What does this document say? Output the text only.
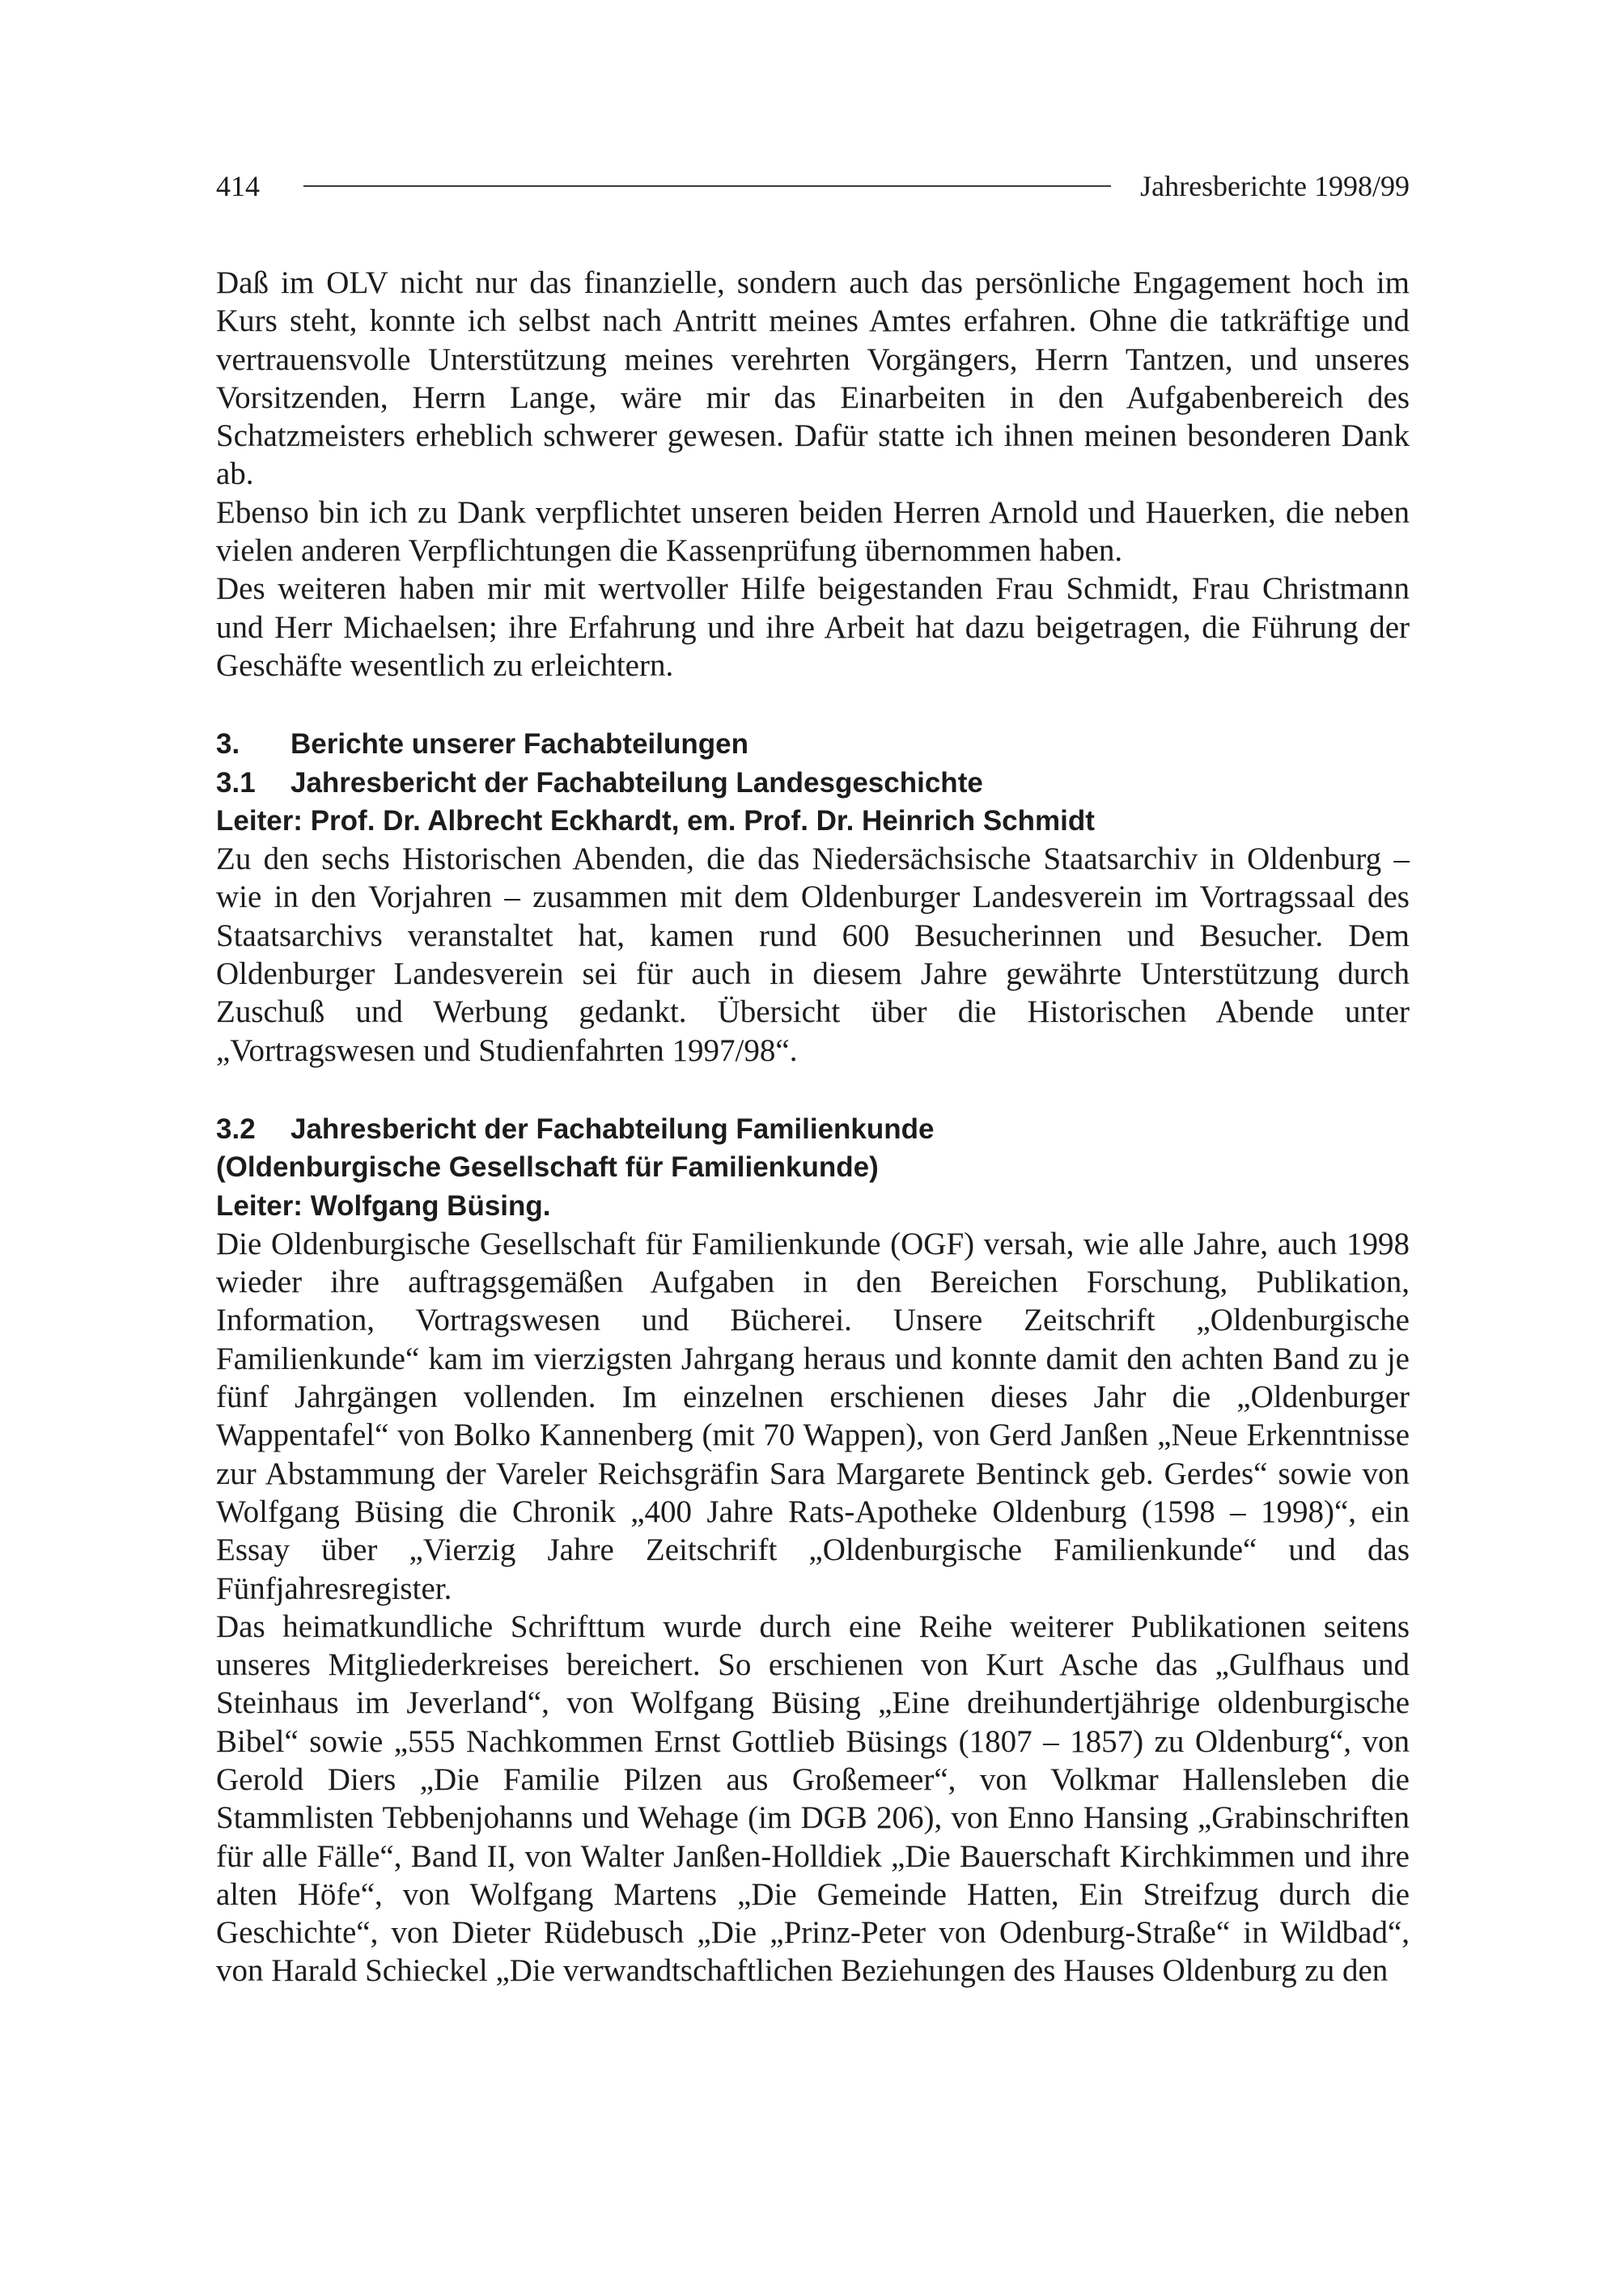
414	Jahresberichte 1998/99

Daß im OLV nicht nur das finanzielle, sondern auch das persönliche Engagement hoch im Kurs steht, konnte ich selbst nach Antritt meines Amtes erfahren. Ohne die tatkräftige und vertrauensvolle Unterstützung meines verehrten Vorgängers, Herrn Tantzen, und unseres Vorsitzenden, Herrn Lange, wäre mir das Einarbeiten in den Aufgabenbereich des Schatzmeisters erheblich schwerer gewesen. Dafür statte ich ihnen meinen besonderen Dank ab.

Ebenso bin ich zu Dank verpflichtet unseren beiden Herren Arnold und Hauerken, die neben vielen anderen Verpflichtungen die Kassenprüfung übernommen haben.

Des weiteren haben mir mit wertvoller Hilfe beigestanden Frau Schmidt, Frau Christmann und Herr Michaelsen; ihre Erfahrung und ihre Arbeit hat dazu beigetragen, die Führung der Geschäfte wesentlich zu erleichtern.

3. Berichte unserer Fachabteilungen

3.1 Jahresbericht der Fachabteilung Landesgeschichte

Leiter: Prof. Dr. Albrecht Eckhardt, em. Prof. Dr. Heinrich Schmidt

Zu den sechs Historischen Abenden, die das Niedersächsische Staatsarchiv in Oldenburg – wie in den Vorjahren – zusammen mit dem Oldenburger Landesverein im Vortragssaal des Staatsarchivs veranstaltet hat, kamen rund 600 Besucherinnen und Besucher. Dem Oldenburger Landesverein sei für auch in diesem Jahre gewährte Unterstützung durch Zuschuß und Werbung gedankt. Übersicht über die Historischen Abende unter „Vortragswesen und Studienfahrten 1997/98“.

3.2 Jahresbericht der Fachabteilung Familienkunde

(Oldenburgische Gesellschaft für Familienkunde)

Leiter: Wolfgang Büsing.

Die Oldenburgische Gesellschaft für Familienkunde (OGF) versah, wie alle Jahre, auch 1998 wieder ihre auftragsgemäßen Aufgaben in den Bereichen Forschung, Publikation, Information, Vortragswesen und Bücherei. Unsere Zeitschrift „Oldenburgische Familienkunde“ kam im vierzigsten Jahrgang heraus und konnte damit den achten Band zu je fünf Jahrgängen vollenden. Im einzelnen erschienen dieses Jahr die „Oldenburger Wappentafel“ von Bolko Kannenberg (mit 70 Wappen), von Gerd Janßen „Neue Erkenntnisse zur Abstammung der Vareler Reichsgräfin Sara Margarete Bentinck geb. Gerdes“ sowie von Wolfgang Büsing die Chronik „400 Jahre Rats-Apotheke Oldenburg (1598 – 1998)“, ein Essay über „Vierzig Jahre Zeitschrift „Oldenburgische Familienkunde“ und das Fünfjahresregister.

Das heimatkundliche Schrifttum wurde durch eine Reihe weiterer Publikationen seitens unseres Mitgliederkreises bereichert. So erschienen von Kurt Asche das „Gulfhaus und Steinhaus im Jeverland“, von Wolfgang Büsing „Eine dreihundertjährige oldenburgische Bibel“ sowie „555 Nachkommen Ernst Gottlieb Büsings (1807 – 1857) zu Oldenburg“, von Gerold Diers „Die Familie Pilzen aus Großemeer“, von Volkmar Hallensleben die Stammlisten Tebbenjohanns und Wehage (im DGB 206), von Enno Hansing „Grabinschriften für alle Fälle“, Band II, von Walter Janßen-Holldiek „Die Bauerschaft Kirchkimmen und ihre alten Höfe“, von Wolfgang Martens „Die Gemeinde Hatten, Ein Streifzug durch die Geschichte“, von Dieter Rüdebusch „Die „Prinz-Peter von Odenburg-Straße“ in Wildbad“, von Harald Schieckel „Die verwandtschaftlichen Beziehungen des Hauses Oldenburg zu den
